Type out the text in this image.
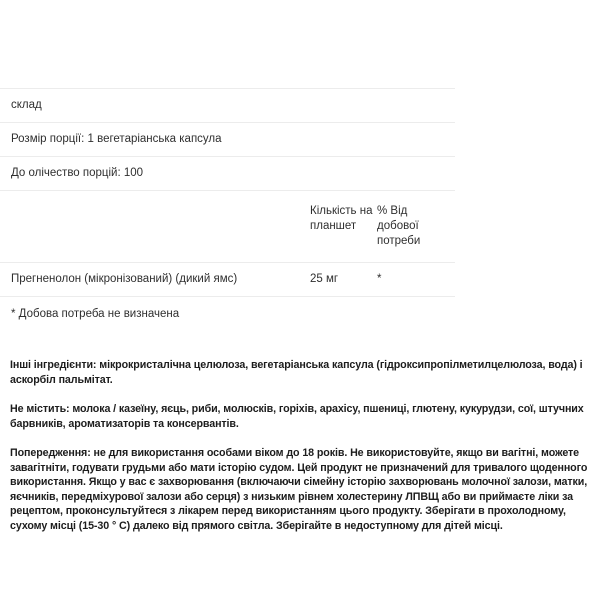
склад
Розмір порції: 1 вегетаріанська капсула
До олічество порцій: 100
Кількість на планшет
% Від добової потреби
Прегненолон (мікронізований) (дикий ямс)	25 мг	*
* Добова потреба не визначена

Інші інгредієнти: мікрокристалічна целюлоза, вегетаріанська капсула (гідроксипропілметилцелюлоза, вода) і аскорбіл пальмітат.

Не містить: молока / казеїну, яєць, риби, молюсків, горіхів, арахісу, пшениці, глютену, кукурудзи, сої, штучних барвників, ароматизаторів та консервантів.

Попередження: не для використання особами віком до 18 років. Не використовуйте, якщо ви вагітні, можете завагітніти, годувати грудьми або мати історію судом. Цей продукт не призначений для тривалого щоденного використання. Якщо у вас є захворювання (включаючи сімейну історію захворювань молочної залози, матки, яєчників, передміхурової залози або серця) з низьким рівнем холестерину ЛПВЩ або ви приймаєте ліки за рецептом, проконсультуйтеся з лікарем перед використанням цього продукту. Зберігати в прохолодному, сухому місці (15-30 ° C) далеко від прямого світла. Зберігайте в недоступному для дітей місці.
